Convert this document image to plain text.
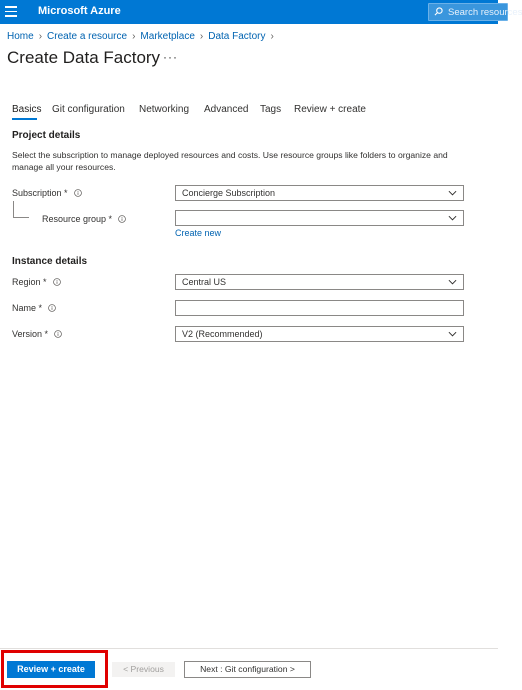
Microsoft Azure	Search resources
Home › Create a resource › Marketplace › Data Factory ›
Create Data Factory ···
Basics Git configuration Networking Advanced Tags Review + create
Project details
Select the subscription to manage deployed resources and costs. Use resource groups like folders to organize and manage all your resources.
Subscription *	Concierge Subscription
Resource group *
Create new
Instance details
Region *	Central US
Name *
Version *	V2 (Recommended)
Review + create	< Previous	Next : Git configuration >
